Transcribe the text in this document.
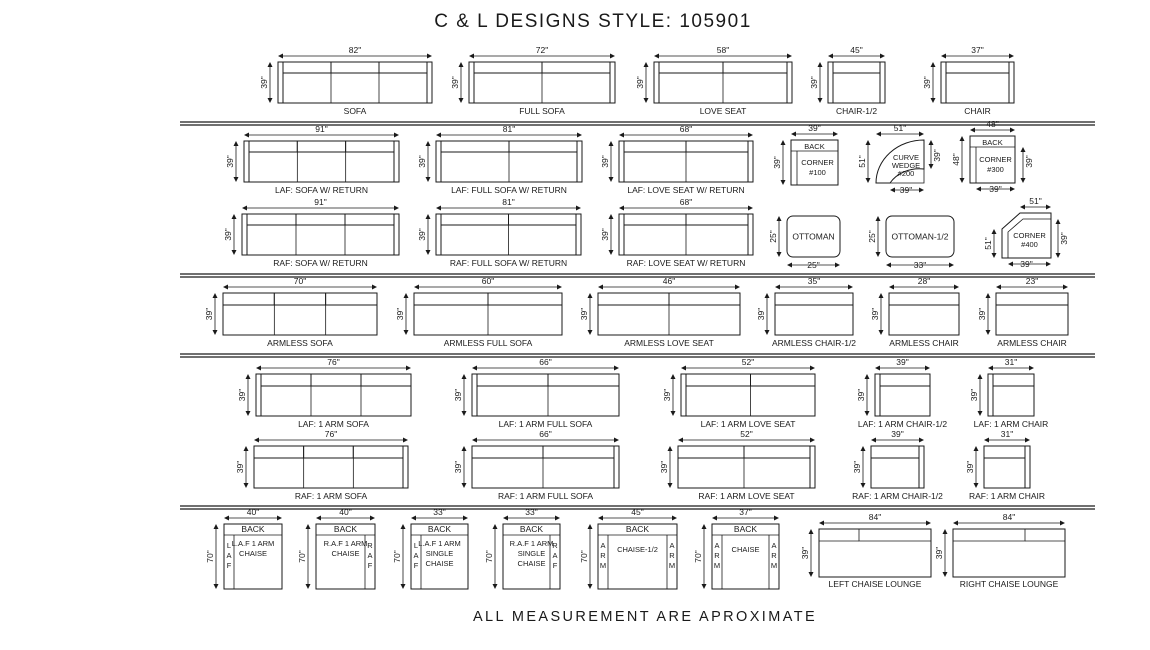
C & L DESIGNS STYLE: 105901
82"
39"
SOFA
72"
39"
FULL SOFA
58"
39"
LOVE SEAT
45"
39"
CHAIR-1/2
37"
39"
CHAIR
91"
39"
LAF: SOFA W/ RETURN
81"
39"
LAF: FULL SOFA W/ RETURN
68"
39"
LAF: LOVE SEAT W/ RETURN
91"
39"
RAF: SOFA W/ RETURN
81"
39"
RAF: FULL SOFA W/ RETURN
68"
39"
RAF: LOVE SEAT W/ RETURN
70"
39"
ARMLESS SOFA
60"
39"
ARMLESS FULL SOFA
46"
39"
ARMLESS LOVE SEAT
35"
39"
ARMLESS CHAIR-1/2
28"
39"
ARMLESS CHAIR
23"
39"
ARMLESS CHAIR
76"
39"
LAF: 1 ARM SOFA
66"
39"
LAF: 1 ARM FULL SOFA
52"
39"
LAF: 1 ARM LOVE SEAT
39"
39"
LAF: 1 ARM CHAIR-1/2
31"
39"
LAF: 1 ARM CHAIR
76"
39"
RAF: 1 ARM SOFA
66"
39"
RAF: 1 ARM FULL SOFA
52"
39"
RAF: 1 ARM LOVE SEAT
39"
39"
RAF: 1 ARM CHAIR-1/2
31"
39"
RAF: 1 ARM CHAIR
BACK
CORNER
#100
39"
39"	CURVE
WEDGE
#200
51"
51"	39"
39"
BACK
CORNER
#300
48"
48"	39"
39"
OTTOMAN
25"
25"	OTTOMAN-1/2
33"
25"	CORNER
#400
51"
51"	39"
39"
BACK
L
A
F
L.A.F 1 ARM
CHAISE
40"
70"
BACK
R
A
F
R.A.F 1 ARM
CHAISE
40"
70"
BACK
L
A
F
L.A.F 1 ARM
SINGLE
CHAISE
33"
70"
BACK
R
A
F
R.A.F 1 ARM
SINGLE
CHAISE
33"
70"
BACK
A	A
R	R
M	M
CHAISE-1/2
45"
70"
BACK
A	A
R	R
M	M
CHAISE
37"
70"
84"
39"
LEFT CHAISE LOUNGE
84"
39"
RIGHT CHAISE LOUNGE
ALL MEASUREMENT ARE APROXIMATE
